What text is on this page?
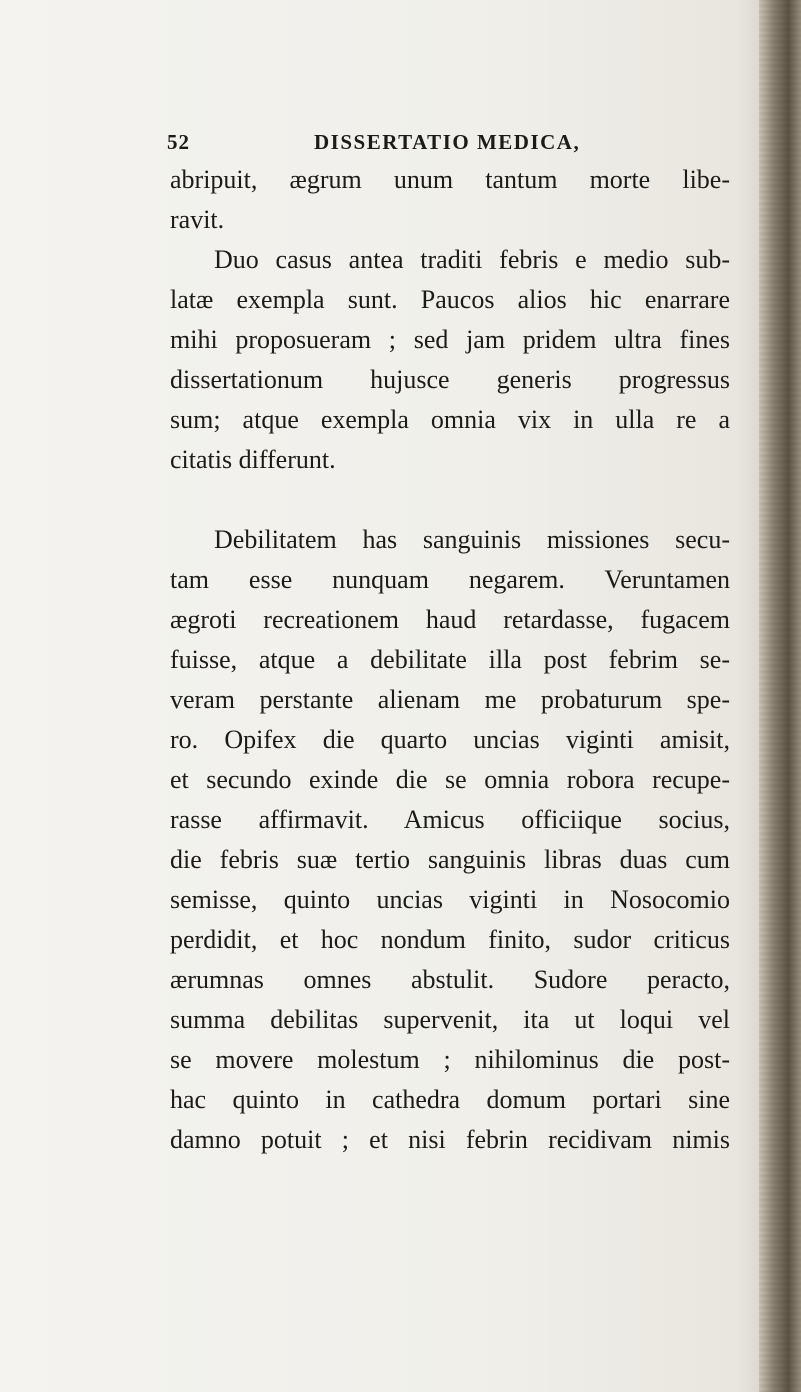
52	DISSERTATIO MEDICA,
abripuit, ægrum unum tantum morte libe-
ravit.
Duo casus antea traditi febris e medio sub-
latæ exempla sunt. Paucos alios hic enarrare
mihi proposueram ; sed jam pridem ultra fines
dissertationum hujusce generis progressus
sum; atque exempla omnia vix in ulla re a
citatis differunt.
Debilitatem has sanguinis missiones secu-
tam esse nunquam negarem. Veruntamen
ægroti recreationem haud retardasse, fugacem
fuisse, atque a debilitate illa post febrim se-
veram perstante alienam me probaturum spe-
ro. Opifex die quarto uncias viginti amisit,
et secundo exinde die se omnia robora recupe-
rasse affirmavit. Amicus officiique socius,
die febris suæ tertio sanguinis libras duas cum
semisse, quinto uncias viginti in Nosocomio
perdidit, et hoc nondum finito, sudor criticus
ærumnas omnes abstulit. Sudore peracto,
summa debilitas supervenit, ita ut loqui vel
se movere molestum ; nihilominus die post-
hac quinto in cathedra domum portari sine
damno potuit ; et nisi febrin recidivam nimis
